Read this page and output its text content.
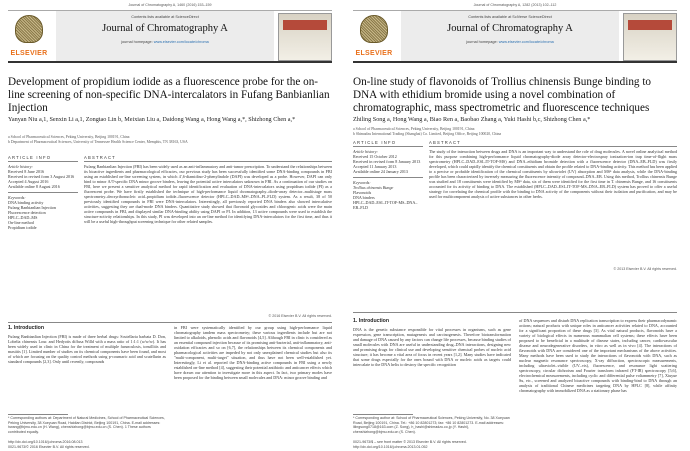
Journal of Chromatography A, 1460 (2016) 153–159
ELSEVIER
Contents lists available at ScienceDirect
Journal of Chromatography A
journal homepage: www.elsevier.com/locate/chroma
Development of propidium iodide as a fluorescence probe for the on-line screening of non-specific DNA-intercalators in Fufang Banbianlian Injection
Yanyan Niu a,1, Senxin Li a,1, Zongtao Lin b, Meixian Liu a, Daidong Wang a, Hong Wang a,*, Shizhong Chen a,*
a School of Pharmaceutical Sciences, Peking University, Beijing 100191, China
b Department of Pharmaceutical Sciences, University of Tennessee Health Science Center, Memphis, TN 38163, USA
ARTICLE INFO	ABSTRACT
Article history:
Received 8 June 2016
Received in revised form 3 August 2016
Accepted 4 August 2016
Available online 8 August 2016
Keywords:
DNA binding activity
Fufang Banbianlian Injection
Fluorescence detection
HPLC–DAD–MS
On-line method
Propidium iodide
Fufang Banbianlian Injection (FBI) has been widely used as an anti-inflammatory and anti-tumor prescription. To understand the relationships between its bioactive ingredients and pharmacological efficacies, our previous study has been successfully identified some DNA-binding compounds in FBI using an established on-line screening system, in which 4′,6-diamidino-2-phenylindole (DAPI) was developed as a probe. However, DAPI can only bind to minor A/T-specific DNA minor groove binders, leaving the potential active intercalators unknown in FBI. As a continuation of our studies on FBI, here we present a sensitive analytical method for rapid identification and evaluation of DNA-intercalators using propidium iodide (PI) as a fluorescent probe. We have firstly established the technique of high-performance liquid chromatography–diode-array detector–multistage mass spectrometry–deoxyribonucleic acid–propidium iodide–fluorescence detector (HPLC–DAD–MSⁿ–DNA–PI–FLD) system. As a result, 38 of 50 previously identified compounds in FBI were DNA-intercalators. Interestingly, all previously reported DNA binders also showed intercalative activities, suggesting they are dual-mode DNA binders. Quantitative study showed that flavonoid glycosides and chlorogenic acids were the main active compounds in FBI, and displayed similar DNA-binding ability using DAPI or PI. In addition, 13 active compounds were used to establish the structure-activity relationships. In this study, PI was developed into an on-line method for identifying DNA-intercalators for the first time, and thus it will be a useful high-throughput screening technique for other related samples.
© 2016 Elsevier B.V. All rights reserved.
1. Introduction
Fufang Banbianlian Injection (FBI) is made of three herbal drugs: Scutellaria barbata D. Don, Lobelia chinensis Lour. and Hedyotis diffusa Willd with a mass ratio of 1:1:1 (w/w/w). It has been widely used in clinic in China for the treatment of multiple furunculosis, tonsillitis and mastitis [1]. Limited number of studies on its chemical components have been found, and most of which are focusing on the quality control methods using p-coumaric acid and scutellarin as standard compounds [2,3]. Only until recently, compounds
in FBI were systematically identified by our group using high-performance liquid chromatography tandem mass spectrometry; these various ingredients include but are not limited to alkaloids, phenolic acids and flavonoids [4,5]. Although FBI in clinic is considered as an essential compound injection because of its promising anti-bacterial, anti-inflammatory, anti-oxidation efficacies and so on [6,7], the relationships between its chemical components and pharmacological activities are impeded by not only unexplained chemical studies but also its "multi-component, multi-target" situation, and thus have not been well-established yet. Interestingly, Li et al. reported the DNA-binding active compounds in FBI using a newly established on-line method [4], suggesting their potential antibiotic and anticancer effects which have drawn our attention to investigate more in this aspect. In fact, two primary modes have been proposed for the binding between small molecules and DNA: minor groove binding and
* Corresponding authors at: Department of Natural Medicines, School of Pharmaceutical Sciences, Peking University, 38 Xueyuan Road, Haidian District, Beijing 100191, China. E-mail addresses: hwang@bjmu.edu.cn (H. Wang), chenshizhong@bjmu.edu.cn (S. Chen). 1 These authors contributed equally.
http://dx.doi.org/10.1016/j.chroma.2016.08.013
0021-9673/© 2016 Elsevier B.V. All rights reserved.
Journal of Chromatography A, 1282 (2013) 102–112
ELSEVIER
Contents lists available at SciVerse ScienceDirect
Journal of Chromatography A
journal homepage: www.elsevier.com/locate/chroma
On-line study of flavonoids of Trollius chinensis Bunge binding to DNA with ethidium bromide using a novel combination of chromatographic, mass spectrometric and fluorescence techniques
Zhiling Song a, Hong Wang a, Biao Ren a, Baobao Zhang a, Yuki Hashi b,c, Shizhong Chen a,*
a School of Pharmaceutical Sciences, Peking University, Beijing 100191, China
b Shimadzu International Trading (Shanghai) Co. Limited, Beijing Office, Beijing 100020, China
ARTICLE INFO	ABSTRACT
Article history:
Received 15 October 2012
Received in revised form 8 January 2013
Accepted 11 January 2013
Available online 24 January 2013
Keywords:
Trollius chinensis Bunge
Flavonoids
DNA binders
HPLC–DAD–ESI–IT-TOF-MS–DNA–EB–FLD
The study of the interaction between drugs and DNA is an important way to understand the role of drug molecules. A novel online analytical method for this purpose combining high-performance liquid chromatography-diode array detector-electrospray ionization-ion trap time-of-flight mass spectrometry (HPLC–DAD–ESI–IT-TOF-MS) and DNA–ethidium bromide detection with a fluorescence detector (DNA–EB–FLD) was firstly developed, which could rapidly identify the chemical constituents and obtain the profile related to DNA-binding activity. This method has been applied to a precise or probable identification of the chemical constituents by ultraviolet (UV) absorption and MSⁿ data analysis, while the DNA-binding profile has been characterized by inversely measuring the fluorescence intensity of compound–DNA–EB. Using this method, Trollius chinensis Bunge was studied and 18 constituents were identified by MSⁿ data, six of them were identified for the first time in T. chinensis Bunge, and 16 constituents accounted for its activity of binding to DNA. The established (HPLC–DAD–ESI–IT-TOF-MS–DNA–EB–FLD) system has proved to offer a useful strategy for correlating the chemical profile with the binding to DNA activity of the components without their isolation and purification, and may be used for multicomponent analysis of active substances in other herbs.
© 2013 Elsevier B.V. All rights reserved.
1. Introduction
DNA is the genetic substance responsible for vital processes in organisms, such as gene expression, gene transcription, mutagenesis and carcinogenesis. Therefore biotransformation and damage of DNA caused by any factors can change life processes, because binding studies of small molecules with DNA are useful in understanding drug–DNA interactions, designing new and promising drugs for clinical use and developing sensitive chemical probes of nucleic acid structure; it has become a vital area of focus in recent years [1,2]. Many studies have indicated that some drugs especially for the ones bound with DNA or nucleic acids as targets could intercalate to the DNA helix to destroy the specific recognition
of DNA sequences and disturb DNA replication transcription to express their pharmacodynamic actions; natural products with unique roles in anticancer activities related to DNA, accounted for a significant proportion of these drugs [3]. As vital natural products, flavonoids have a variety of biological effects in numerous mammalian cell systems; these effects have been proposed to be beneficial in a multitude of disease states, including cancer, cardiovascular disease and neurodegenerative disorders, in vitro as well as in vivo [4]. The interactions of flavonoids with DNA are considered one of the important mechanisms of the above activities. Many methods have been used to study the interactions of flavonoids with DNA, such as nuclear magnetic resonance spectroscopy, X-ray diffraction, spectroscopic measurements, including ultraviolet–visible (UV–vis), fluorescence, and resonance light scattering spectroscopy, circular dichroism and Fourier transform infrared (FT-IR) spectroscopy [5,6], electrochemical measurements, including cyclic and differential pulse voltammetry [7], Xiuyue Su, etc., screened and analyzed bioactive compounds with binding-bind to DNA through an analysis of traditional Chinese medicines targeting DNA by HPLC [8], while affinity chromatography with immobilized DNA as a stationary phase has
* Corresponding author at: School of Pharmaceutical Sciences, Peking University, No. 38 Xueyuan Road, Beijing 100191, China. Tel.: +86 10 82801273; fax: +86 10 82801273. E-mail addresses: lilingsong0718@163.com (Z. Song), h_hashi@shimadzu.co.jp (Y. Hashi), chenshizhong@bjmu.edu.cn (S. Chen).
0021-9673/$ – see front matter © 2013 Elsevier B.V. All rights reserved.
http://dx.doi.org/10.1016/j.chroma.2013.01.052
